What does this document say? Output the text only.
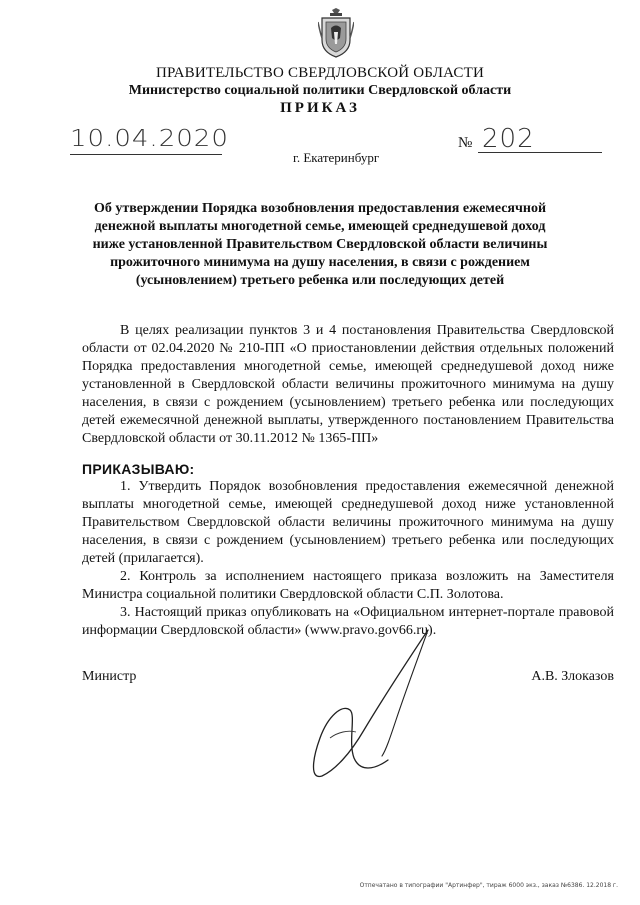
ПРАВИТЕЛЬСТВО СВЕРДЛОВСКОЙ ОБЛАСТИ
Министерство социальной политики Свердловской области
ПРИКАЗ
10.04.2020	№ 202
г. Екатеринбург
Об утверждении Порядка возобновления предоставления ежемесячной денежной выплаты многодетной семье, имеющей среднедушевой доход ниже установленной Правительством Свердловской области величины прожиточного минимума на душу населения, в связи с рождением (усыновлением) третьего ребенка или последующих детей
В целях реализации пунктов 3 и 4 постановления Правительства Свердловской области от 02.04.2020 № 210-ПП «О приостановлении действия отдельных положений Порядка предоставления многодетной семье, имеющей среднедушевой доход ниже установленной в Свердловской области величины прожиточного минимума на душу населения, в связи с рождением (усыновлением) третьего ребенка или последующих детей ежемесячной денежной выплаты, утвержденного постановлением Правительства Свердловской области от 30.11.2012 № 1365-ПП»
ПРИКАЗЫВАЮ:
1. Утвердить Порядок возобновления предоставления ежемесячной денежной выплаты многодетной семье, имеющей среднедушевой доход ниже установленной Правительством Свердловской области величины прожиточного минимума на душу населения, в связи с рождением (усыновлением) третьего ребенка или последующих детей (прилагается).
2. Контроль за исполнением настоящего приказа возложить на Заместителя Министра социальной политики Свердловской области С.П. Золотова.
3. Настоящий приказ опубликовать на «Официальном интернет-портале правовой информации Свердловской области» (www.pravo.gov66.ru).
Министр	А.В. Злоказов
Отпечатано в типографии "Артинфер", тираж 6000 экз., заказ №6386. 12.2018 г.
